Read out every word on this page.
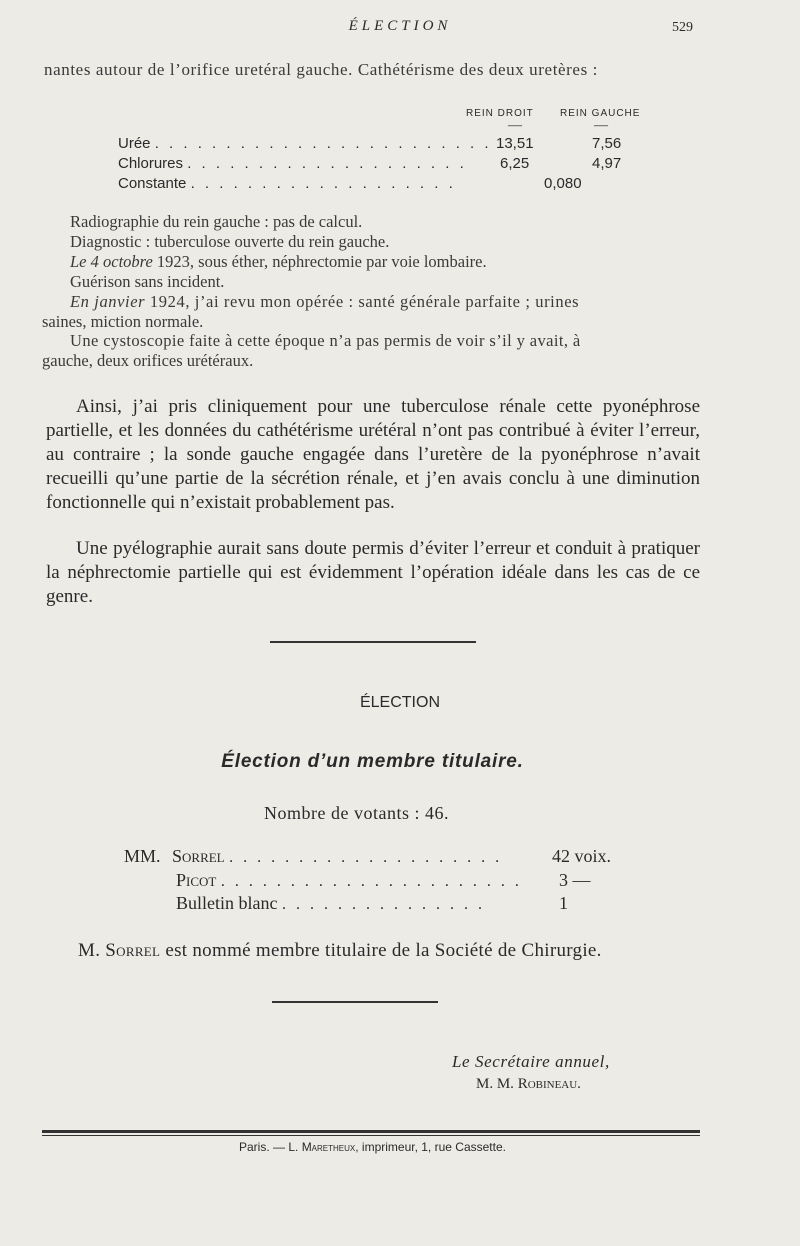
ÉLECTION	529
nantes autour de l’orifice uretéral gauche. Cathétérisme des deux uretères :
REIN DROIT	REIN GAUCHE
—	—
Urée . . . . . . . . . . . . . . . . . . . . . . . . 13,51	7,56
Chlorures . . . . . . . . . . . . . . . . . . . . 6,25	4,97
Constante . . . . . . . . . . . . . . . . . . .	0,080
Radiographie du rein gauche : pas de calcul.
Diagnostic : tuberculose ouverte du rein gauche.
Le 4 octobre 1923, sous éther, néphrectomie par voie lombaire.
Guérison sans incident.
En janvier 1924, j’ai revu mon opérée : santé générale parfaite ; urines
saines, miction normale.
Une cystoscopie faite à cette époque n’a pas permis de voir s’il y avait, à
gauche, deux orifices urétéraux.
Ainsi, j’ai pris cliniquement pour une tuberculose rénale cette pyonéphrose partielle, et les données du cathétérisme urétéral n’ont pas contribué à éviter l’erreur, au contraire ; la sonde gauche engagée dans l’uretère de la pyonéphrose n’avait recueilli qu’une partie de la sécrétion rénale, et j’en avais conclu à une diminution fonctionnelle qui n’existait probablement pas.
Une pyélographie aurait sans doute permis d’éviter l’erreur et conduit à pratiquer la néphrectomie partielle qui est évidemment l’opération idéale dans les cas de ce genre.
ÉLECTION
Élection d’un membre titulaire.
Nombre de votants : 46.
MM. Sorrel . . . . . . . . . . . . . . . . . . . .	42 voix.
Picot . . . . . . . . . . . . . . . . . . . . . . 3 —
Bulletin blanc . . . . . . . . . . . . . . .	1
M. Sorrel est nommé membre titulaire de la Société de Chirurgie.
Le Secrétaire annuel,
M. M. Robineau.
Paris. — L. Maretheux, imprimeur, 1, rue Cassette.
